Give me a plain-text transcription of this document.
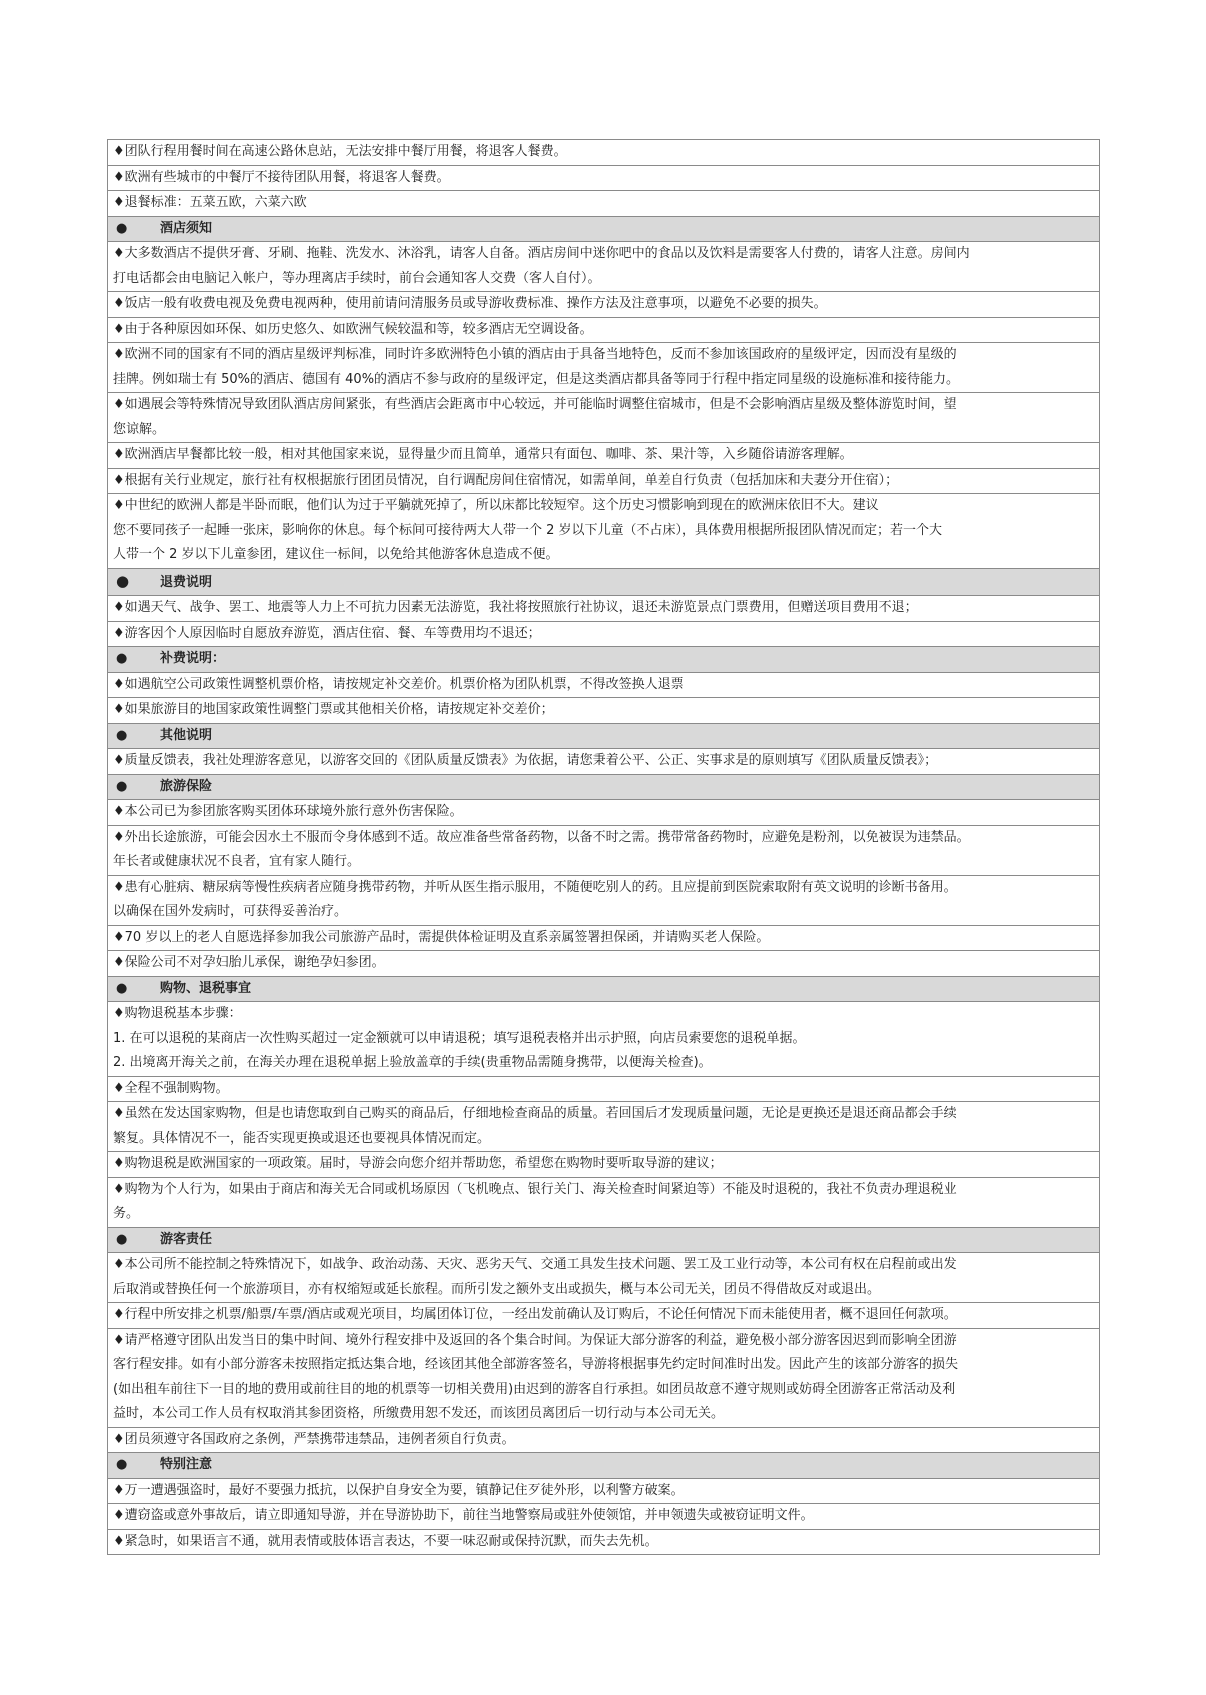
♦团队行程用餐时间在高速公路休息站，无法安排中餐厅用餐，将退客人餐费。
♦欧洲有些城市的中餐厅不接待团队用餐，将退客人餐费。
♦退餐标准：五菜五欧，六菜六欧
●	酒店须知
♦大多数酒店不提供牙膏、牙刷、拖鞋、洗发水、沐浴乳，请客人自备。酒店房间中迷你吧中的食品以及饮料是需要客人付费的，请客人注意。房间内
打电话都会由电脑记入帐户，等办理离店手续时，前台会通知客人交费（客人自付）。
♦饭店一般有收费电视及免费电视两种，使用前请问清服务员或导游收费标准、操作方法及注意事项，以避免不必要的损失。
♦由于各种原因如环保、如历史悠久、如欧洲气候较温和等，较多酒店无空调设备。
♦欧洲不同的国家有不同的酒店星级评判标准，同时许多欧洲特色小镇的酒店由于具备当地特色，反而不参加该国政府的星级评定，因而没有星级的
挂牌。例如瑞士有 50%的酒店、德国有 40%的酒店不参与政府的星级评定，但是这类酒店都具备等同于行程中指定同星级的设施标准和接待能力。
♦如遇展会等特殊情况导致团队酒店房间紧张，有些酒店会距离市中心较远，并可能临时调整住宿城市，但是不会影响酒店星级及整体游览时间，望
您谅解。
♦欧洲酒店早餐都比较一般，相对其他国家来说，显得量少而且简单，通常只有面包、咖啡、茶、果汁等，入乡随俗请游客理解。
♦根据有关行业规定，旅行社有权根据旅行团团员情况，自行调配房间住宿情况，如需单间，单差自行负责（包括加床和夫妻分开住宿）；
♦中世纪的欧洲人都是半卧而眠，他们认为过于平躺就死掉了，所以床都比较短窄。这个历史习惯影响到现在的欧洲床依旧不大。建议
您不要同孩子一起睡一张床，影响你的休息。每个标间可接待两大人带一个 2 岁以下儿童（不占床），具体费用根据所报团队情况而定；若一个大
人带一个 2 岁以下儿童参团，建议住一标间，以免给其他游客休息造成不便。
● 退费说明
♦如遇天气、战争、罢工、地震等人力上不可抗力因素无法游览，我社将按照旅行社协议，退还未游览景点门票费用，但赠送项目费用不退；
♦游客因个人原因临时自愿放弃游览，酒店住宿、餐、车等费用均不退还；
●	补费说明：
♦如遇航空公司政策性调整机票价格，请按规定补交差价。机票价格为团队机票，不得改签换人退票
♦如果旅游目的地国家政策性调整门票或其他相关价格，请按规定补交差价；
●	其他说明
♦质量反馈表，我社处理游客意见，以游客交回的《团队质量反馈表》为依据，请您秉着公平、公正、实事求是的原则填写《团队质量反馈表》；
●	旅游保险
♦本公司已为参团旅客购买团体环球境外旅行意外伤害保险。
♦外出长途旅游，可能会因水土不服而令身体感到不适。故应准备些常备药物，以备不时之需。携带常备药物时，应避免是粉剂，以免被误为违禁品。
年长者或健康状况不良者，宜有家人随行。
♦患有心脏病、糖尿病等慢性疾病者应随身携带药物，并听从医生指示服用，不随便吃别人的药。且应提前到医院索取附有英文说明的诊断书备用。
以确保在国外发病时，可获得妥善治疗。
♦70 岁以上的老人自愿选择参加我公司旅游产品时，需提供体检证明及直系亲属签署担保函，并请购买老人保险。
♦保险公司不对孕妇胎儿承保，谢绝孕妇参团。
●	购物、退税事宜
♦购物退税基本步骤：
1. 在可以退税的某商店一次性购买超过一定金额就可以申请退税；填写退税表格并出示护照，向店员索要您的退税单据。
2. 出境离开海关之前，在海关办理在退税单据上验放盖章的手续(贵重物品需随身携带，以便海关检查)。
♦全程不强制购物。
♦虽然在发达国家购物，但是也请您取到自己购买的商品后，仔细地检查商品的质量。若回国后才发现质量问题，无论是更换还是退还商品都会手续
繁复。具体情况不一，能否实现更换或退还也要视具体情况而定。
♦购物退税是欧洲国家的一项政策。届时，导游会向您介绍并帮助您，希望您在购物时要听取导游的建议；
♦购物为个人行为，如果由于商店和海关无合同或机场原因（飞机晚点、银行关门、海关检查时间紧迫等）不能及时退税的，我社不负责办理退税业
务。
●	游客责任
♦本公司所不能控制之特殊情况下，如战争、政治动荡、天灾、恶劣天气、交通工具发生技术问题、罢工及工业行动等，本公司有权在启程前或出发
后取消或替换任何一个旅游项目，亦有权缩短或延长旅程。而所引发之额外支出或损失，概与本公司无关，团员不得借故反对或退出。
♦行程中所安排之机票/船票/车票/酒店或观光项目，均属团体订位，一经出发前确认及订购后，不论任何情况下而未能使用者，概不退回任何款项。
♦请严格遵守团队出发当日的集中时间、境外行程安排中及返回的各个集合时间。为保证大部分游客的利益，避免极小部分游客因迟到而影响全团游
客行程安排。如有小部分游客未按照指定抵达集合地，经该团其他全部游客签名，导游将根据事先约定时间准时出发。因此产生的该部分游客的损失
(如出租车前往下一目的地的费用或前往目的地的机票等一切相关费用)由迟到的游客自行承担。如团员故意不遵守规则或妨碍全团游客正常活动及利
益时，本公司工作人员有权取消其参团资格，所缴费用恕不发还，而该团员离团后一切行动与本公司无关。
♦团员须遵守各国政府之条例，严禁携带违禁品，违例者须自行负责。
●	特别注意
♦万一遭遇强盗时，最好不要强力抵抗，以保护自身安全为要，镇静记住歹徒外形，以利警方破案。
♦遭窃盗或意外事故后，请立即通知导游，并在导游协助下，前往当地警察局或驻外使领馆，并申领遗失或被窃证明文件。
♦紧急时，如果语言不通，就用表情或肢体语言表达，不要一味忍耐或保持沉默，而失去先机。
